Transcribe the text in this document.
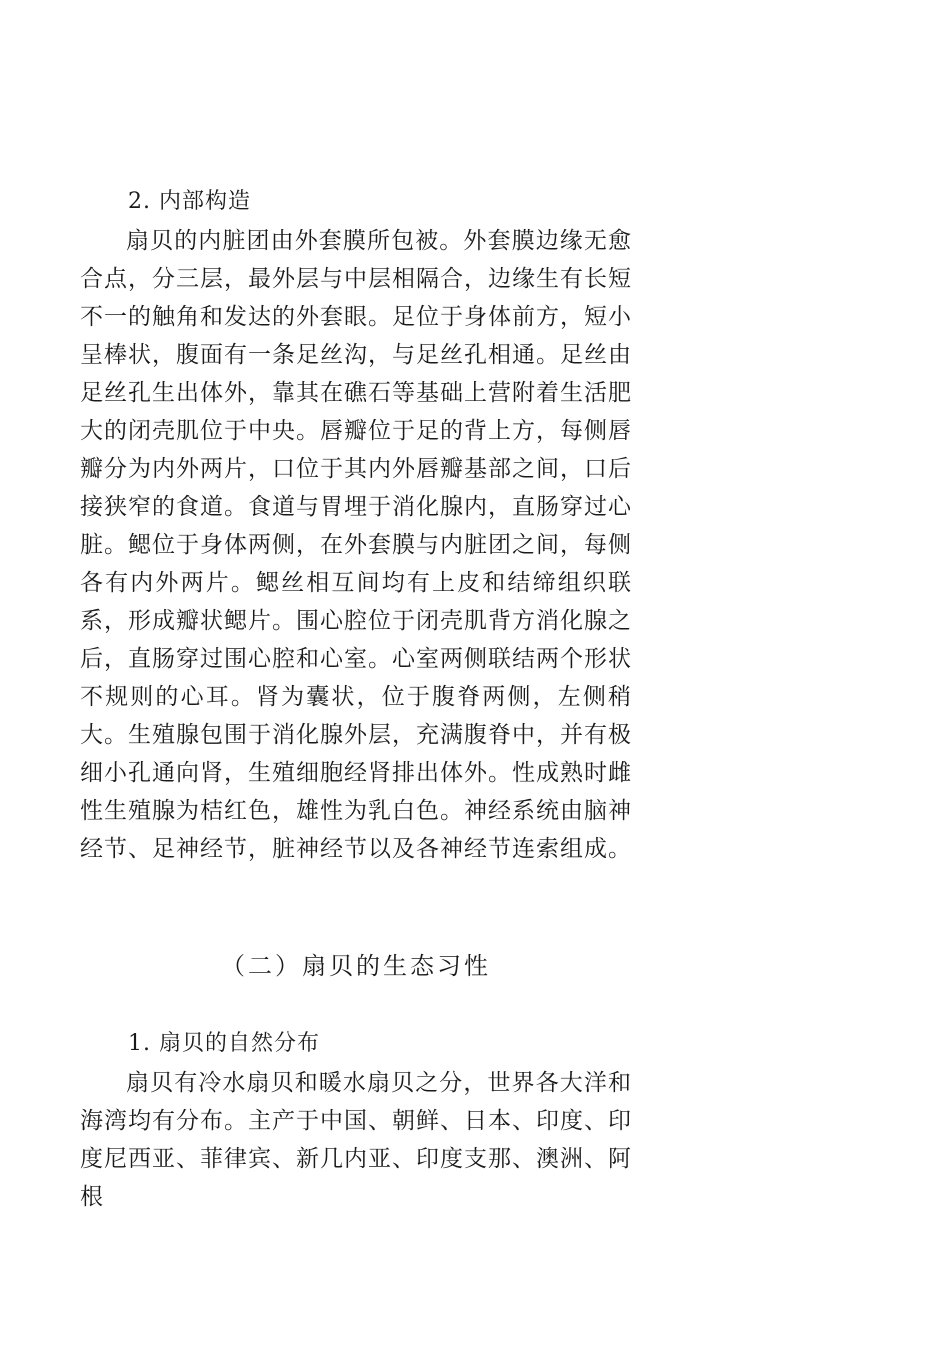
2. 内部构造

扇贝的内脏团由外套膜所包被。外套膜边缘无愈合点，分三层，最外层与中层相隔合，边缘生有长短不一的触角和发达的外套眼。足位于身体前方，短小呈棒状，腹面有一条足丝沟，与足丝孔相通。足丝由足丝孔生出体外，靠其在礁石等基础上营附着生活肥大的闭壳肌位于中央。唇瓣位于足的背上方，每侧唇瓣分为内外两片，口位于其内外唇瓣基部之间，口后接狭窄的食道。食道与胃埋于消化腺内，直肠穿过心脏。鳃位于身体两侧，在外套膜与内脏团之间，每侧各有内外两片。鳃丝相互间均有上皮和结缔组织联系，形成瓣状鳃片。围心腔位于闭壳肌背方消化腺之后，直肠穿过围心腔和心室。心室两侧联结两个形状不规则的心耳。肾为囊状，位于腹脊两侧，左侧稍大。生殖腺包围于消化腺外层，充满腹脊中，并有极细小孔通向肾，生殖细胞经肾排出体外。性成熟时雌性生殖腺为桔红色，雄性为乳白色。神经系统由脑神经节、足神经节，脏神经节以及各神经节连索组成。

（二）扇贝的生态习性
1. 扇贝的自然分布

扇贝有冷水扇贝和暖水扇贝之分，世界各大洋和海湾均有分布。主产于中国、朝鲜、日本、印度、印度尼西亚、菲律宾、新几内亚、印度支那、澳洲、阿根
